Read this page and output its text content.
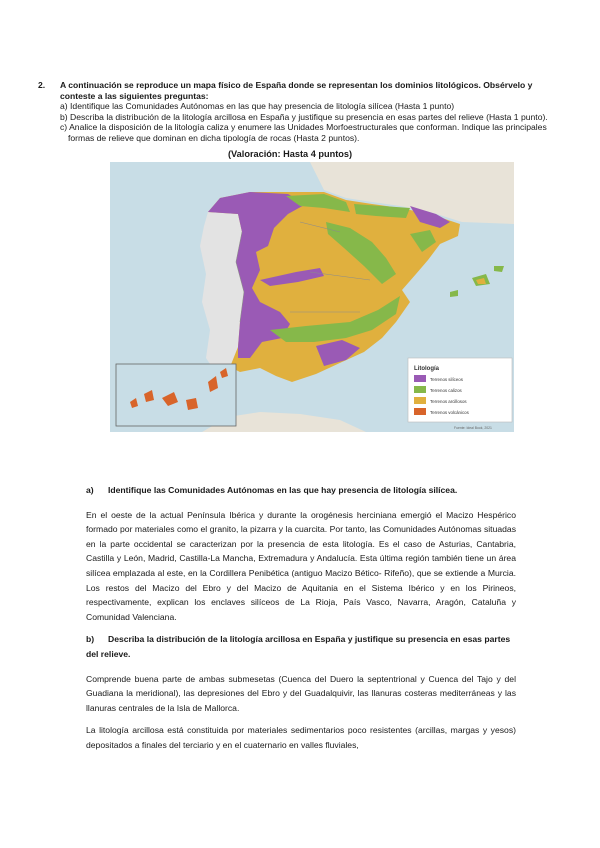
2. A continuación se reproduce un mapa físico de España donde se representan los dominios litológicos. Obsérvelo y conteste a las siguientes preguntas:
a) Identifique las Comunidades Autónomas en las que hay presencia de litología silícea (Hasta 1 punto)
b) Describa la distribución de la litología arcillosa en España y justifique su presencia en esas partes del relieve (Hasta 1 punto).
c) Analice la disposición de la litología caliza y enumere las Unidades Morfoestructurales que conforman. Indique las principales
formas de relieve que dominan en dicha tipología de rocas (Hasta 2 puntos).
(Valoración: Hasta 4 puntos)
Litología
Terrenos silíceos
Terrenos calizos
Terrenos arcillosos
Terrenos volcánicos
Fuente: Ideal Book, 2021
a) Identifique las Comunidades Autónomas en las que hay presencia de litología silícea.

En el oeste de la actual Península Ibérica y durante la orogénesis herciniana emergió el Macizo Hespérico formado por materiales como el granito, la pizarra y la cuarcita. Por tanto, las Comunidades Autónomas situadas en la parte occidental se caracterizan por la presencia de esta litología. Es el caso de Asturias, Cantabria, Castilla y León, Madrid, Castilla-La Mancha, Extremadura y Andalucía. Esta última región también tiene un área silícea emplazada al este, en la Cordillera Penibética (antiguo Macizo Bético- Rifeño), que se extiende a Murcia. Los restos del Macizo del Ebro y del Macizo de Aquitania en el Sistema Ibérico y en los Pirineos, respectivamente, explican los enclaves silíceos de La Rioja, País Vasco, Navarra, Aragón, Cataluña y Comunidad Valenciana.

b) Describa la distribución de la litología arcillosa en España y justifique su presencia en esas partes del relieve.

Comprende buena parte de ambas submesetas (Cuenca del Duero la septentrional y Cuenca del Tajo y del Guadiana la meridional), las depresiones del Ebro y del Guadalquivir, las llanuras costeras mediterráneas y las llanuras centrales de la Isla de Mallorca.

La litología arcillosa está constituida por materiales sedimentarios poco resistentes (arcillas, margas y yesos) depositados a finales del terciario y en el cuaternario en valles fluviales,
